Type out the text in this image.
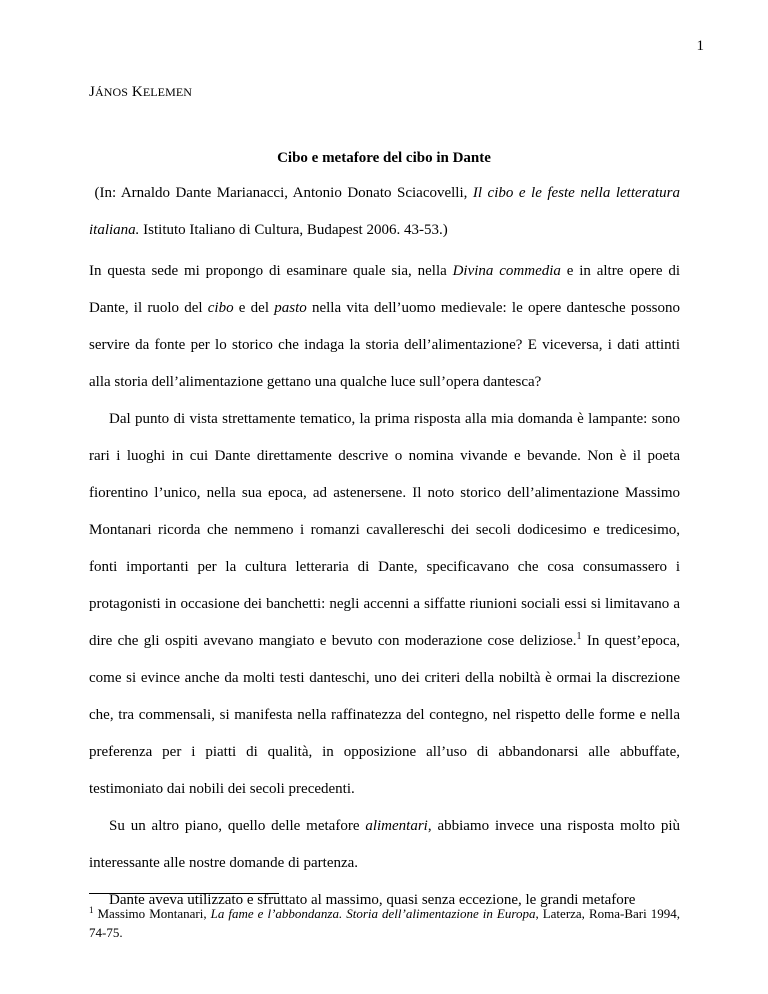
1
JÁNOS KELEMEN
Cibo e metafore del cibo in Dante

(In: Arnaldo Dante Marianacci, Antonio Donato Sciacovelli, Il cibo e le feste nella letteratura italiana. Istituto Italiano di Cultura, Budapest 2006. 43-53.)

In questa sede mi propongo di esaminare quale sia, nella Divina commedia e in altre opere di Dante, il ruolo del cibo e del pasto nella vita dell’uomo medievale: le opere dantesche possono servire da fonte per lo storico che indaga la storia dell’alimentazione? E viceversa, i dati attinti alla storia dell’alimentazione gettano una qualche luce sull’opera dantesca?

Dal punto di vista strettamente tematico, la prima risposta alla mia domanda è lampante: sono rari i luoghi in cui Dante direttamente descrive o nomina vivande e bevande. Non è il poeta fiorentino l’unico, nella sua epoca, ad astenersene. Il noto storico dell’alimentazione Massimo Montanari ricorda che nemmeno i romanzi cavallereschi dei secoli dodicesimo e tredicesimo, fonti importanti per la cultura letteraria di Dante, specificavano che cosa consumassero i protagonisti in occasione dei banchetti: negli accenni a siffatte riunioni sociali essi si limitavano a dire che gli ospiti avevano mangiato e bevuto con moderazione cose deliziose.$^1$ In quest’epoca, come si evince anche da molti testi danteschi, uno dei criteri della nobiltà è ormai la discrezione che, tra commensali, si manifesta nella raffinatezza del contegno, nel rispetto delle forme e nella preferenza per i piatti di qualità, in opposizione all’uso di abbandonarsi alle abbuffate, testimoniato dai nobili dei secoli precedenti.

Su un altro piano, quello delle metafore alimentari, abbiamo invece una risposta molto più interessante alle nostre domande di partenza.

Dante aveva utilizzato e sfruttato al massimo, quasi senza eccezione, le grandi metafore

$^1$ Massimo Montanari, La fame e l’abbondanza. Storia dell’alimentazione in Europa, Laterza, Roma-Bari 1994, 74-75.
